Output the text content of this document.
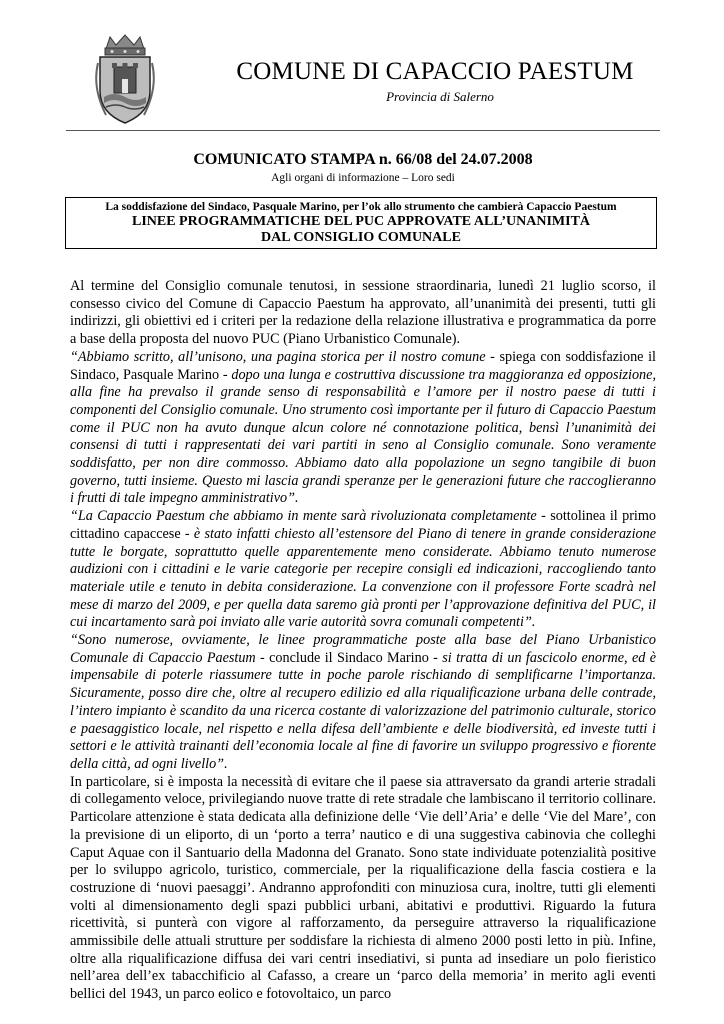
COMUNE DI CAPACCIO PAESTUM
Provincia di Salerno
COMUNICATO STAMPA n. 66/08 del 24.07.2008
Agli organi di informazione – Loro sedi
La soddisfazione del Sindaco, Pasquale Marino, per l’ok allo strumento che cambierà Capaccio Paestum
LINEE PROGRAMMATICHE DEL PUC APPROVATE ALL’UNANIMITÀ
DAL CONSIGLIO COMUNALE

Al termine del Consiglio comunale tenutosi, in sessione straordinaria, lunedì 21 luglio scorso, il consesso civico del Comune di Capaccio Paestum ha approvato, all’unanimità dei presenti, tutti gli indirizzi, gli obiettivi ed i criteri per la redazione della relazione illustrativa e programmatica da porre a base della proposta del nuovo PUC (Piano Urbanistico Comunale).

“Abbiamo scritto, all’unisono, una pagina storica per il nostro comune - spiega con soddisfazione il Sindaco, Pasquale Marino - dopo una lunga e costruttiva discussione tra maggioranza ed opposizione, alla fine ha prevalso il grande senso di responsabilità e l’amore per il nostro paese di tutti i componenti del Consiglio comunale. Uno strumento così importante per il futuro di Capaccio Paestum come il PUC non ha avuto dunque alcun colore né connotazione politica, bensì l’unanimità dei consensi di tutti i rappresentati dei vari partiti in seno al Consiglio comunale. Sono veramente soddisfatto, per non dire commosso. Abbiamo dato alla popolazione un segno tangibile di buon governo, tutti insieme. Questo mi lascia grandi speranze per le generazioni future che raccoglieranno i frutti di tale impegno amministrativo”.

“La Capaccio Paestum che abbiamo in mente sarà rivoluzionata completamente - sottolinea il primo cittadino capaccese - è stato infatti chiesto all’estensore del Piano di tenere in grande considerazione tutte le borgate, soprattutto quelle apparentemente meno considerate. Abbiamo tenuto numerose audizioni con i cittadini e le varie categorie per recepire consigli ed indicazioni, raccogliendo tanto materiale utile e tenuto in debita considerazione. La convenzione con il professore Forte scadrà nel mese di marzo del 2009, e per quella data saremo già pronti per l’approvazione definitiva del PUC, il cui incartamento sarà poi inviato alle varie autorità sovra comunali competenti”.

“Sono numerose, ovviamente, le linee programmatiche poste alla base del Piano Urbanistico Comunale di Capaccio Paestum - conclude il Sindaco Marino - si tratta di un fascicolo enorme, ed è impensabile di poterle riassumere tutte in poche parole rischiando di semplificarne l’importanza. Sicuramente, posso dire che, oltre al recupero edilizio ed alla riqualificazione urbana delle contrade, l’intero impianto è scandito da una ricerca costante di valorizzazione del patrimonio culturale, storico e paesaggistico locale, nel rispetto e nella difesa dell’ambiente e delle biodiversità, ed investe tutti i settori e le attività trainanti dell’economia locale al fine di favorire un sviluppo progressivo e fiorente della città, ad ogni livello”.

In particolare, si è imposta la necessità di evitare che il paese sia attraversato da grandi arterie stradali di collegamento veloce, privilegiando nuove tratte di rete stradale che lambiscano il territorio collinare. Particolare attenzione è stata dedicata alla definizione delle ‘Vie dell’Aria’ e delle ‘Vie del Mare’, con la previsione di un eliporto, di un ‘porto a terra’ nautico e di una suggestiva cabinovia che colleghi Caput Aquae con il Santuario della Madonna del Granato. Sono state individuate potenzialità positive per lo sviluppo agricolo, turistico, commerciale, per la riqualificazione della fascia costiera e la costruzione di ‘nuovi paesaggi’. Andranno approfonditi con minuziosa cura, inoltre, tutti gli elementi volti al dimensionamento degli spazi pubblici urbani, abitativi e produttivi. Riguardo la futura ricettività, si punterà con vigore al rafforzamento, da perseguire attraverso la riqualificazione ammissibile delle attuali strutture per soddisfare la richiesta di almeno 2000 posti letto in più. Infine, oltre alla riqualificazione diffusa dei vari centri insediativi, si punta ad insediare un polo fieristico nell’area dell’ex tabacchificio al Cafasso, a creare un ‘parco della memoria’ in merito agli eventi bellici del 1943, un parco eolico e fotovoltaico, un parco
